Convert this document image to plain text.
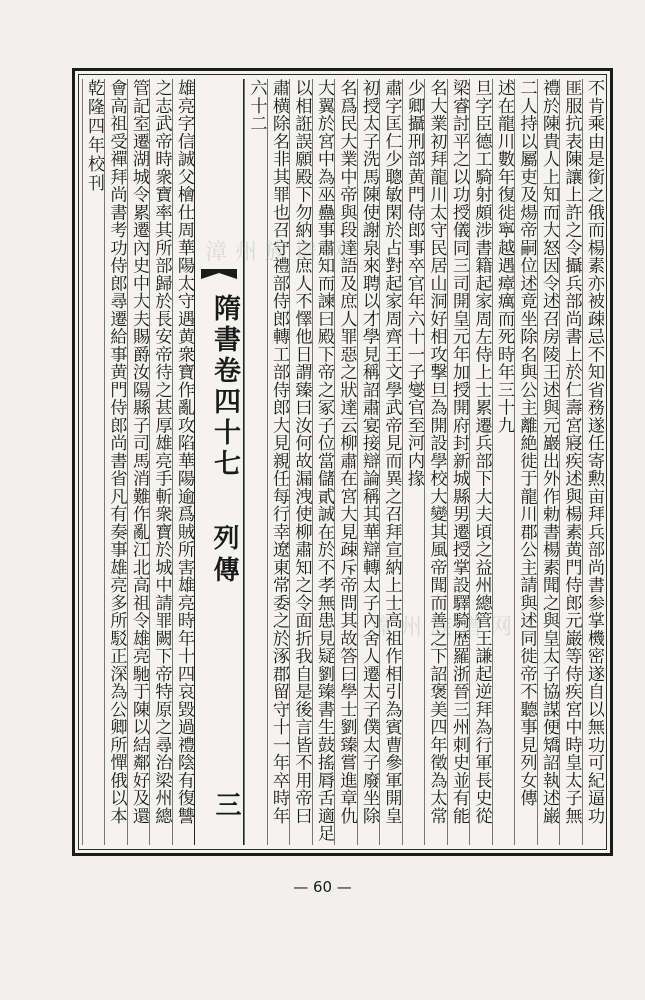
不肯乘由是銜之俄而楊素亦被疎忌不知省務遂任寄勲亩拜兵部尚書参掌機密遂自以無功可紀逼功
匪服抗表陳讓上許之令攝兵部尚書上於仁壽宮寢疾述與楊素黄門侍郎元巌等侍疾宮中時皇太子無
禮於陳貴人上知而大怒因令述召房陵王述與元巖出外作勅書楊素聞之與皇太子協謀便矯詔執述巌
二人持以屬吏及煬帝嗣位述竟坐除名與公主離絶徙于龍川郡公主請與述同徙帝不聽事見列女傳
述在龍川數年復徙寧越遇瘴癘而死時年三十九
旦字臣德工騎射頗涉書籍起家周左侍上士累遷兵部下大夫頃之益州總管王謙起逆拜為行軍長史從
梁睿討平之以功授儀同三司開皇元年加授開府封新城縣男遷授掌設驛騎歴羅浙晉三州刺史並有能
名大業初拜龍川太守民居山洞好相攻撃旦為開設學校大變其風帝聞而善之下詔褒美四年徵為太常
少卿攝刑部黄門侍郎事卒官年六十一子燮官至河内掾
肅字匡仁少聰敏閑於占對起家周齊王文學武帝見而異之召拜宣納上士高祖作相引為賓曹參軍開皇
初授太子洗馬陳使謝泉來聘以才學見稱詔肅宴接辯論稱其華辯轉太子內舍人遷太子僕太子廢坐除
名爲民大業中帝與段達語及庶人罪惡之狀達云柳肅在宮大見疎斥帝問其故答曰學士劉臻嘗進章仇
大翼於宮中為巫蠱事肅知而諫曰殿下帝之冢子位當儲貳誠在於不孝無患見疑劉臻書生鼓搖脣舌適足
以相誑誤願殿下勿納之庶人不懌他日謂臻曰汝何故漏洩使柳肅知之令面折我自是後言皆不用帝曰
肅横除名非其罪也召守禮部侍郎轉工部侍郎大見親任每行幸遼東常委之於涿郡留守十一年卒時年
六十二
隋書卷四十七
列傳
三
雄亮字信誠父檜仕周華陽太守遇黄衆寶作亂攻陷華陽逾爲賊所害雄亮時年十四哀毀過禮陰有復讐
之志武帝時衆寶率其所部歸於長安帝待之甚厚雄亮手斬衆寶於城中請罪闕下帝特原之尋治梁州總
管記室遷湖城令累遷內史中大夫賜爵汝陽縣子司馬消難作亂江北高祖令雄亮馳于陳以結鄰好及還
會高祖受禪拜尚書考功侍郎尋遷給事黄門侍郎尚書省凡有奏事雄亮多所駁正深為公卿所憚俄以本
乾隆四年校刊
漳州族谱网
漳州族谱网
— 60 —
